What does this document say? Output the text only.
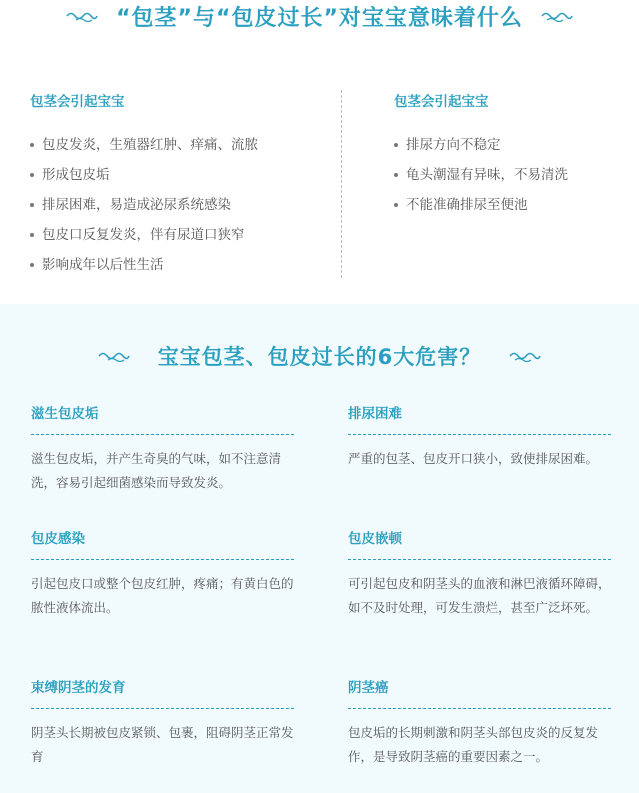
“包茎”与“包皮过长”对宝宝意味着什么
包茎会引起宝宝
包皮发炎，生殖器红肿、痒痛、流脓
形成包皮垢
排尿困难，易造成泌尿系统感染
包皮口反复发炎，伴有尿道口狭窄
影响成年以后性生活
包茎会引起宝宝
排尿方向不稳定
龟头潮湿有异味，不易清洗
不能准确排尿至便池
宝宝包茎、包皮过长的6大危害？
滋生包皮垢
滋生包皮垢，并产生奇臭的气味，如不注意清洗，容易引起细菌感染而导致发炎。
排尿困难
严重的包茎、包皮开口狭小，致使排尿困难。
包皮感染
引起包皮口或整个包皮红肿，疼痛；有黄白色的脓性液体流出。
包皮嵌顿
可引起包皮和阴茎头的血液和淋巴液循环障碍，如不及时处理，可发生溃烂，甚至广泛坏死。
束缚阴茎的发育
阴茎头长期被包皮紧锁、包裹，阻碍阴茎正常发育
阴茎癌
包皮垢的长期刺激和阴茎头部包皮炎的反复发作，是导致阴茎癌的重要因素之一。
